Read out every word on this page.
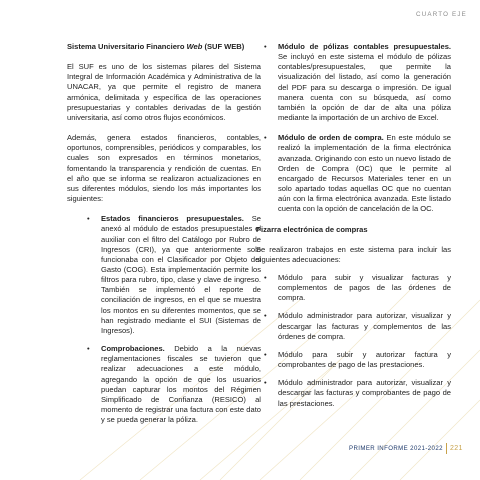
CUARTO EJE

Sistema Universitario Financiero Web (SUF WEB)

El SUF es uno de los sistemas pilares del Sistema Integral de Información Académica y Administrativa de la UNACAR, ya que permite el registro de manera armónica, delimitada y específica de las operaciones presupuestarias y contables derivadas de la gestión universitaria, así como otros flujos económicos.

Además, genera estados financieros, contables, oportunos, comprensibles, periódicos y comparables, los cuales son expresados en términos monetarios, fomentando la transparencia y rendición de cuentas. En el año que se informa se realizaron actualizaciones en sus diferentes módulos, siendo los más importantes los siguientes:

•	Estados financieros presupuestales. Se anexó al módulo de estados presupuestales el auxiliar con el filtro del Catálogo por Rubro de Ingresos (CRI), ya que anteriormente solo funcionaba con el Clasificador por Objeto del Gasto (COG). Esta implementación permite los filtros para rubro, tipo, clase y clave de ingreso. También se implementó el reporte de conciliación de ingresos, en el que se muestra los montos en su diferentes momentos, que se han registrado mediante el SUI (Sistemas de Ingresos).

•	Comprobaciones. Debido a la nuevas reglamentaciones fiscales se tuvieron que realizar adecuaciones a este módulo, agregando la opción de que los usuarios puedan capturar los montos del Régimen Simplificado de Confianza (RESICO) al momento de registrar una factura con este dato y se pueda generar la póliza.

•	Módulo de pólizas contables presupuestales. Se incluyó en este sistema el módulo de pólizas contables/presupuestales, que permite la visualización del listado, así como la generación del PDF para su descarga o impresión. De igual manera cuenta con su búsqueda, así como también la opción de dar de alta una póliza mediante la importación de un archivo de Excel.

•	Módulo de orden de compra. En este módulo se realizó la implementación de la firma electrónica avanzada. Originando con esto un nuevo listado de Orden de Compra (OC) que le permite al encargado de Recursos Materiales tener en un solo apartado todas aquellas OC que no cuentan aún con la firma electrónica avanzada. Este listado cuenta con la opción de cancelación de la OC.

Pizarra electrónica de compras

Se realizaron trabajos en este sistema para incluir las siguientes adecuaciones:

•	Módulo para subir y visualizar facturas y complementos de pagos de las órdenes de compra.

•	Módulo administrador para autorizar, visualizar y descargar las facturas y complementos de las órdenes de compra.

•	Módulo para subir y autorizar factura y comprobantes de pago de las prestaciones.

•	Módulo administrador para autorizar, visualizar y descargar las facturas y comprobantes de pago de las prestaciones.

PRIMER INFORME 2021-2022 221
